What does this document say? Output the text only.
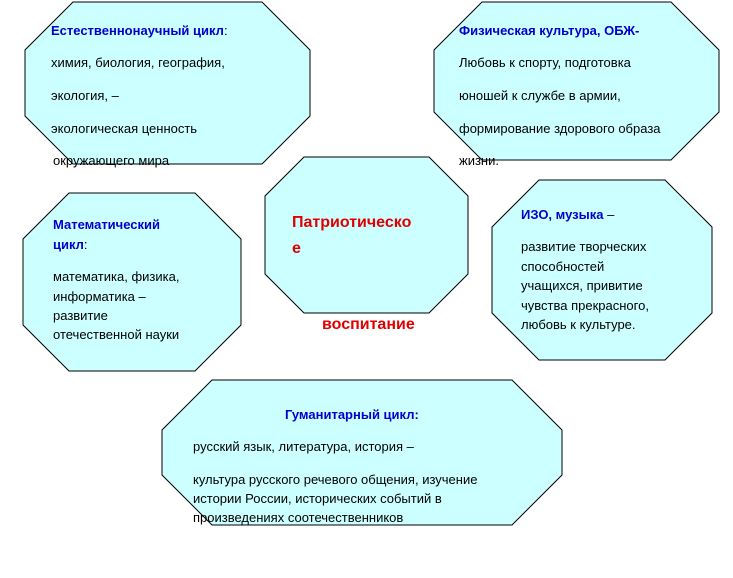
Патриотическо
е
воспитание
Естественнонаучный цикл:
химия, биология, география,
экология, –
экологическая ценность
окружающего мира
Физическая культура, ОБЖ-
Любовь к спорту, подготовка
юношей к службе в армии,
формирование здорового образа
жизни.
Математический
цикл:
математика, физика,
информатика –
развитие
отечественной науки
ИЗО, музыка –
развитие творческих
способностей
учащихся, привитие
чувства прекрасного,
любовь к культуре.
Гуманитарный цикл:
русский язык, литература, история –
культура русского речевого общения, изучение
истории России, исторических событий в
произведениях соотечественников
